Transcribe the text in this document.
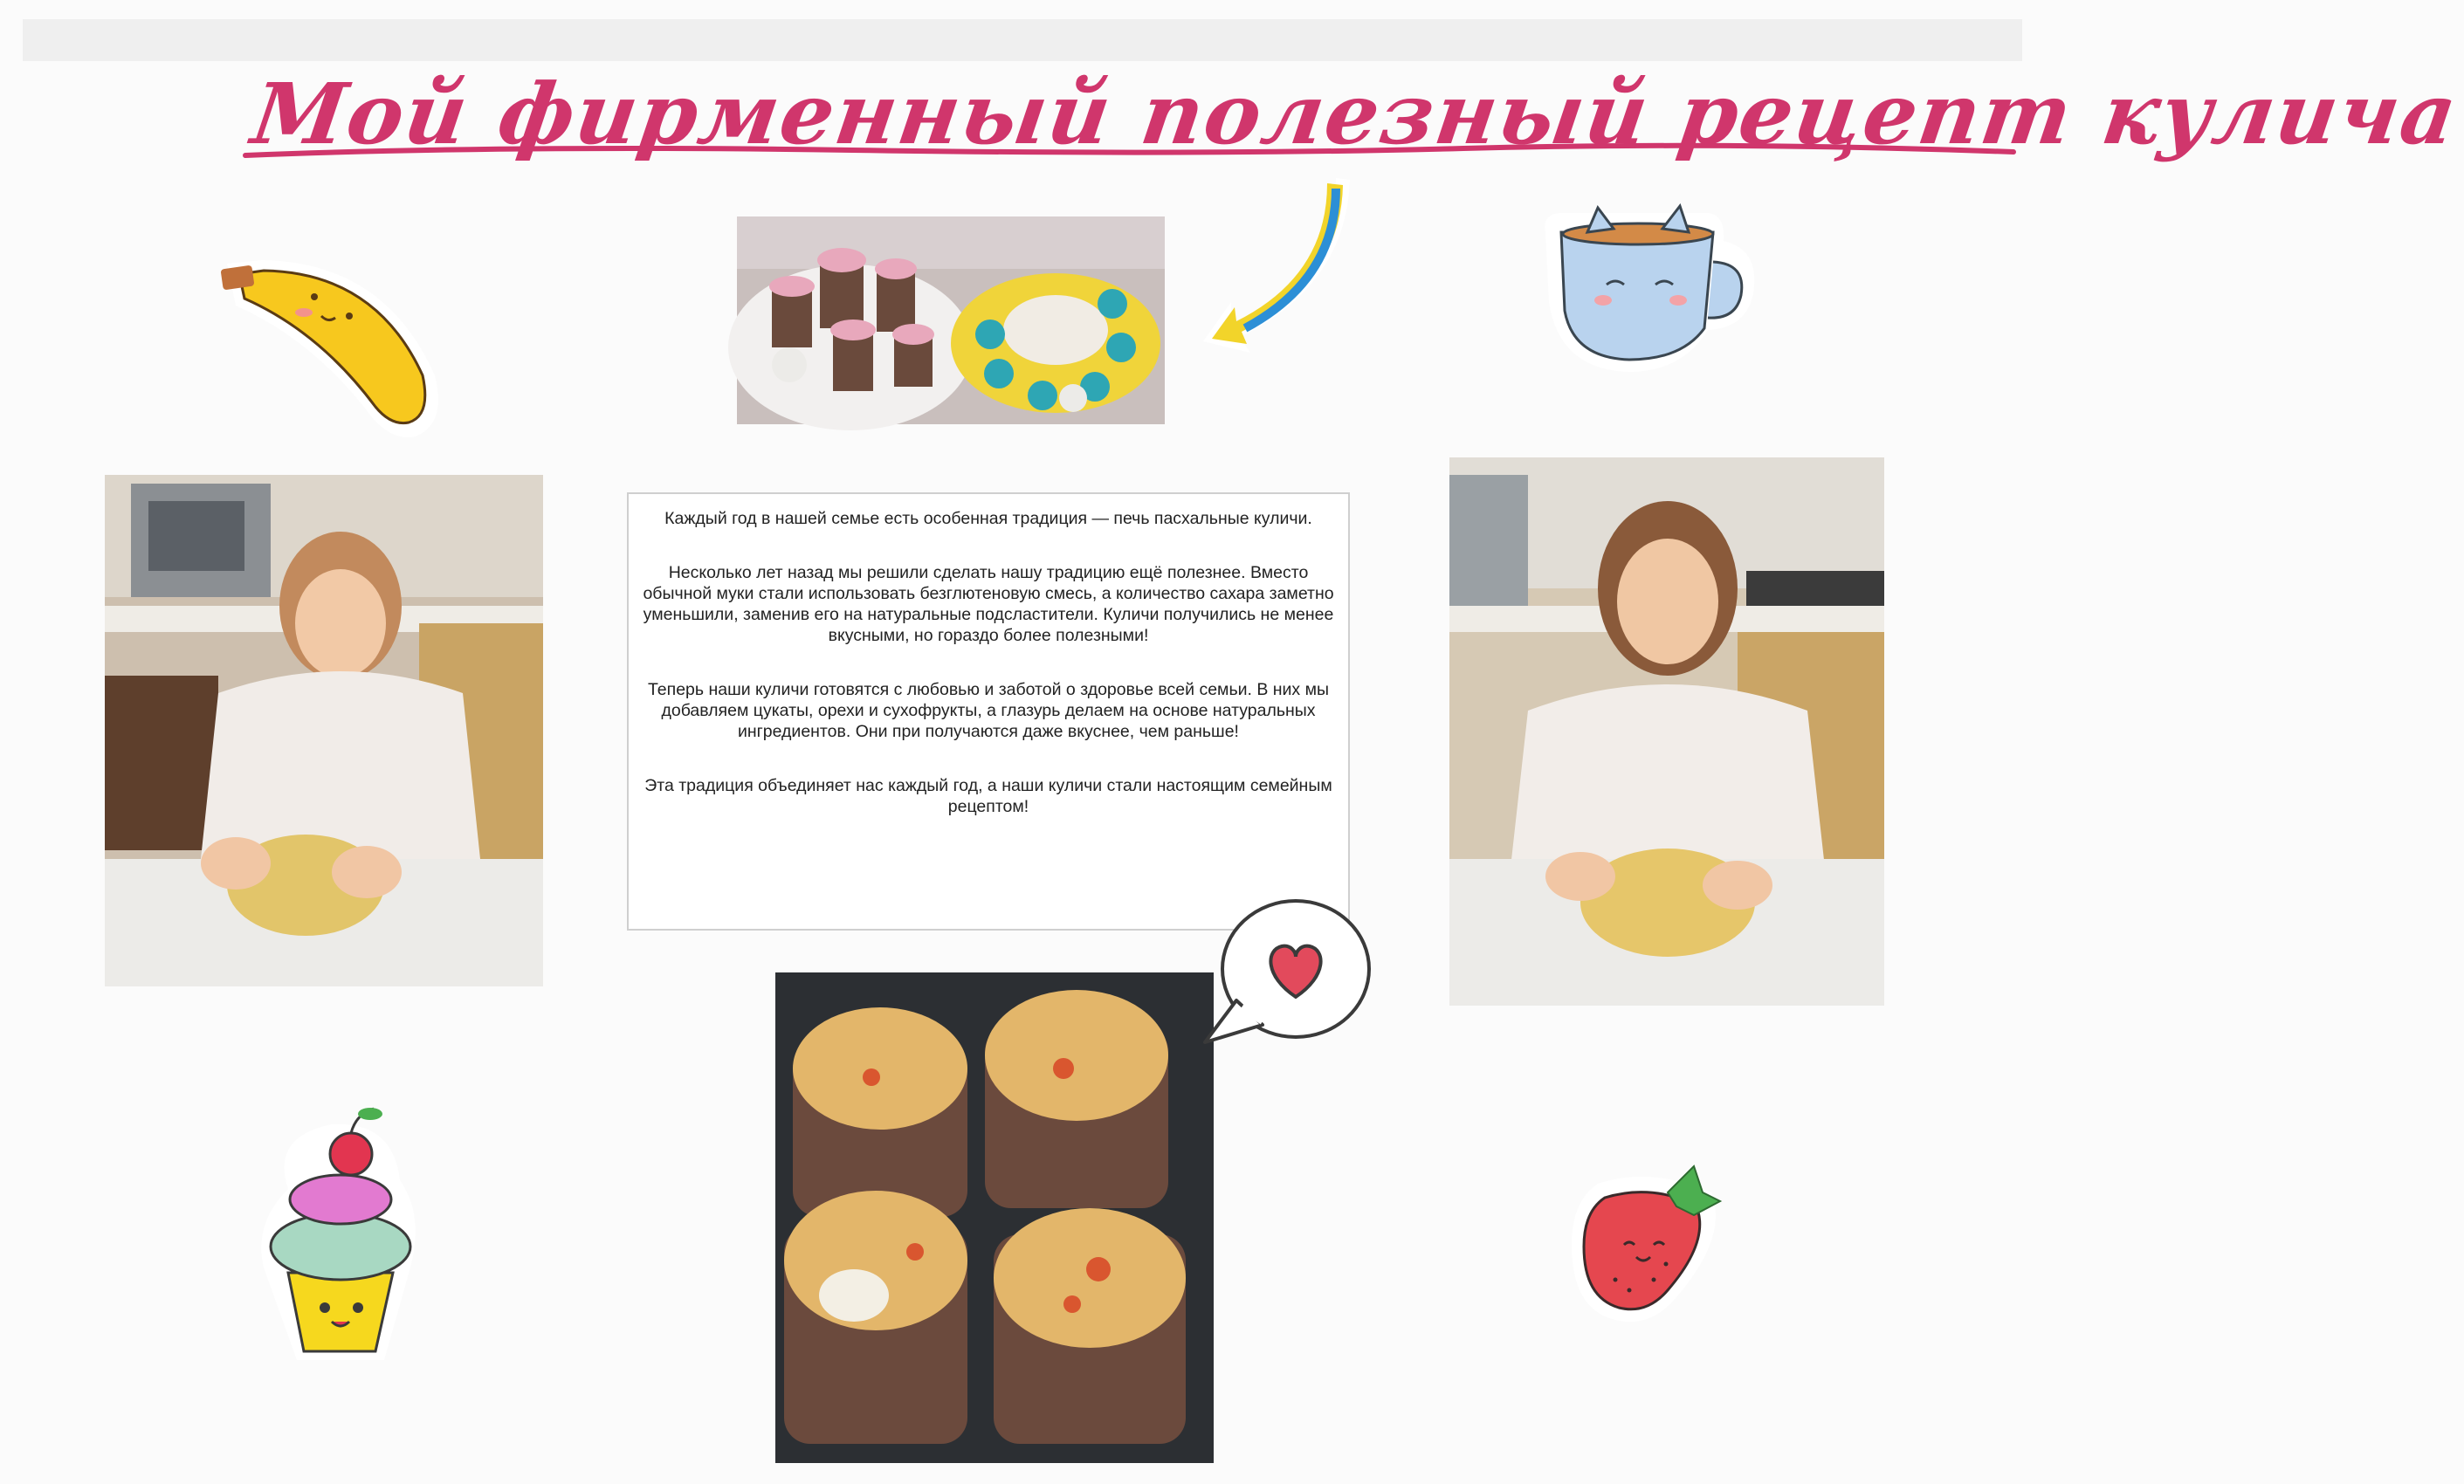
Мой фирменный полезный рецепт кулича

Каждый год в нашей семье есть особенная традиция — печь пасхальные куличи.

Несколько лет назад мы решили сделать нашу традицию ещё полезнее. Вместо обычной муки стали использовать безглютеновую смесь, а количество сахара заметно уменьшили, заменив его на натуральные подсластители. Куличи получились не менее вкусными, но гораздо более полезными!

Теперь наши куличи готовятся с любовью и заботой о здоровье всей семьи. В них мы добавляем цукаты, орехи и сухофрукты, а глазурь делаем на основе натуральных ингредиентов. Они при получаются даже вкуснее, чем раньше!

Эта традиция объединяет нас каждый год, а наши куличи стали настоящим семейным рецептом!
